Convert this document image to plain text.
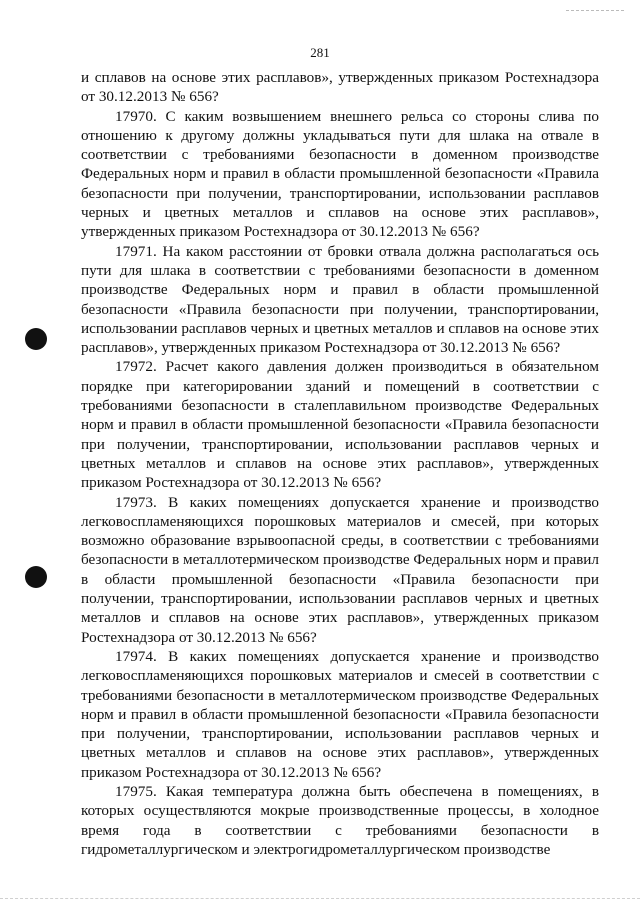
281

и сплавов на основе этих расплавов», утвержденных приказом Ростехнадзора от 30.12.2013 № 656?

17970. С каким возвышением внешнего рельса со стороны слива по отношению к другому должны укладываться пути для шлака на отвале в соответствии с требованиями безопасности в доменном производстве Федеральных норм и правил в области промышленной безопасности «Правила безопасности при получении, транспортировании, использовании расплавов черных и цветных металлов и сплавов на основе этих расплавов», утвержденных приказом Ростехнадзора от 30.12.2013 № 656?

17971. На каком расстоянии от бровки отвала должна располагаться ось пути для шлака в соответствии с требованиями безопасности в доменном производстве Федеральных норм и правил в области промышленной безопасности «Правила безопасности при получении, транспортировании, использовании расплавов черных и цветных металлов и сплавов на основе этих расплавов», утвержденных приказом Ростехнадзора от 30.12.2013 № 656?

17972. Расчет какого давления должен производиться в обязательном порядке при категорировании зданий и помещений в соответствии с требованиями безопасности в сталеплавильном производстве Федеральных норм и правил в области промышленной безопасности «Правила безопасности при получении, транспортировании, использовании расплавов черных и цветных металлов и сплавов на основе этих расплавов», утвержденных приказом Ростехнадзора от 30.12.2013 № 656?

17973. В каких помещениях допускается хранение и производство легковоспламеняющихся порошковых материалов и смесей, при которых возможно образование взрывоопасной среды, в соответствии с требованиями безопасности в металлотермическом производстве Федеральных норм и правил в области промышленной безопасности «Правила безопасности при получении, транспортировании, использовании расплавов черных и цветных металлов и сплавов на основе этих расплавов», утвержденных приказом Ростехнадзора от 30.12.2013 № 656?

17974. В каких помещениях допускается хранение и производство легковоспламеняющихся порошковых материалов и смесей в соответствии с требованиями безопасности в металлотермическом производстве Федеральных норм и правил в области промышленной безопасности «Правила безопасности при получении, транспортировании, использовании расплавов черных и цветных металлов и сплавов на основе этих расплавов», утвержденных приказом Ростехнадзора от 30.12.2013 № 656?

17975. Какая температура должна быть обеспечена в помещениях, в которых осуществляются мокрые производственные процессы, в холодное время года в соответствии с требованиями безопасности в гидрометаллургическом и электрогидрометаллургическом производстве
